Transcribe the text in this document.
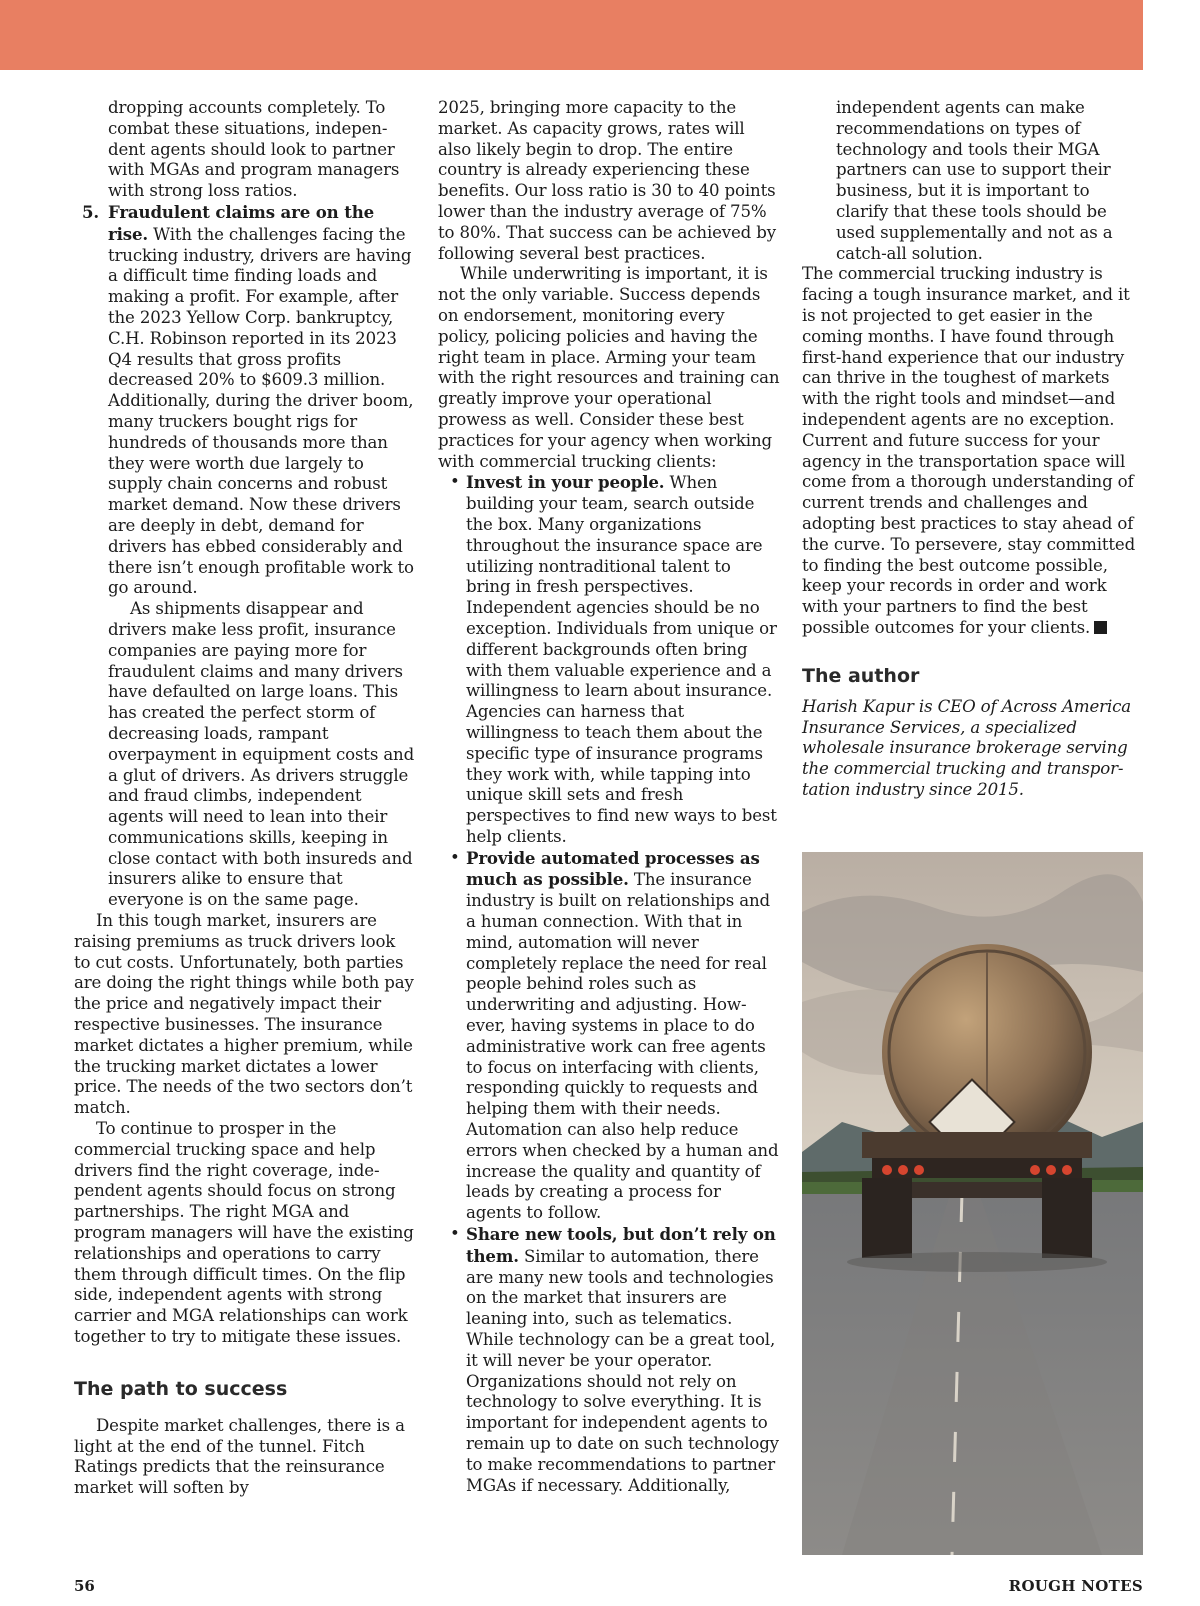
dropping accounts completely. To combat these situations, independent agents should look to partner with MGAs and program managers with strong loss ratios.

5. Fraudulent claims are on the rise. With the challenges facing the trucking industry, drivers are having a difficult time finding loads and making a profit. For example, after the 2023 Yellow Corp. bankruptcy, C.H. Robinson reported in its 2023 Q4 results that gross profits decreased 20% to $609.3 million. Additionally, during the driver boom, many truckers bought rigs for hundreds of thousands more than they were worth due largely to supply chain concerns and robust market demand. Now these drivers are deeply in debt, demand for drivers has ebbed considerably and there isn’t enough profitable work to go around.

As shipments disappear and drivers make less profit, insurance companies are paying more for fraudulent claims and many drivers have defaulted on large loans. This has created the perfect storm of decreasing loads, rampant overpayment in equipment costs and a glut of drivers. As drivers struggle and fraud climbs, independent agents will need to lean into their communications skills, keeping in close contact with both insureds and insurers alike to ensure that everyone is on the same page.

In this tough market, insurers are raising premiums as truck drivers look to cut costs. Unfortunately, both parties are doing the right things while both pay the price and negatively impact their respective businesses. The insurance market dictates a higher premium, while the trucking market dictates a lower price. The needs of the two sectors don’t match.

To continue to prosper in the commercial trucking space and help drivers find the right coverage, independent agents should focus on strong partnerships. The right MGA and program managers will have the existing relationships and operations to carry them through difficult times. On the flip side, independent agents with strong carrier and MGA relationships can work together to try to mitigate these issues.

The path to success

Despite market challenges, there is a light at the end of the tunnel. Fitch Ratings predicts that the reinsurance market will soften by

2025, bringing more capacity to the market. As capacity grows, rates will also likely begin to drop. The entire country is already experiencing these benefits. Our loss ratio is 30 to 40 points lower than the industry average of 75% to 80%. That success can be achieved by following several best practices.

While underwriting is important, it is not the only variable. Success depends on endorsement, monitoring every policy, policing policies and having the right team in place. Arming your team with the right resources and training can greatly improve your operational prowess as well. Consider these best practices for your agency when working with commercial trucking clients:

• Invest in your people. When building your team, search outside the box. Many organizations throughout the insurance space are utilizing nontraditional talent to bring in fresh perspectives. Independent agencies should be no exception. Individuals from unique or different backgrounds often bring with them valuable experience and a willingness to learn about insurance. Agencies can harness that willingness to teach them about the specific type of insurance programs they work with, while tapping into unique skill sets and fresh perspectives to find new ways to best help clients.

• Provide automated processes as much as possible. The insurance industry is built on relationships and a human connection. With that in mind, automation will never completely replace the need for real people behind roles such as underwriting and adjusting. However, having systems in place to do administrative work can free agents to focus on interfacing with clients, responding quickly to requests and helping them with their needs. Automation can also help reduce errors when checked by a human and increase the quality and quantity of leads by creating a process for agents to follow.

• Share new tools, but don’t rely on them. Similar to automation, there are many new tools and technologies on the market that insurers are leaning into, such as telematics. While technology can be a great tool, it will never be your operator. Organizations should not rely on technology to solve everything. It is important for independent agents to remain up to date on such technology to make recommendations to partner MGAs if necessary. Additionally,

independent agents can make recommendations on types of technology and tools their MGA partners can use to support their business, but it is important to clarify that these tools should be used supplementally and not as a catch-all solution.

The commercial trucking industry is facing a tough insurance market, and it is not projected to get easier in the coming months. I have found through first-hand experience that our industry can thrive in the toughest of markets with the right tools and mindset—and independent agents are no exception. Current and future success for your agency in the transportation space will come from a thorough understanding of current trends and challenges and adopting best practices to stay ahead of the curve. To persevere, stay committed to finding the best outcome possible, keep your records in order and work with your partners to find the best possible outcomes for your clients.

The author

Harish Kapur is CEO of Across America Insurance Services, a specialized wholesale insurance brokerage serving the commercial trucking and transportation industry since 2015.

56	ROUGH NOTES
